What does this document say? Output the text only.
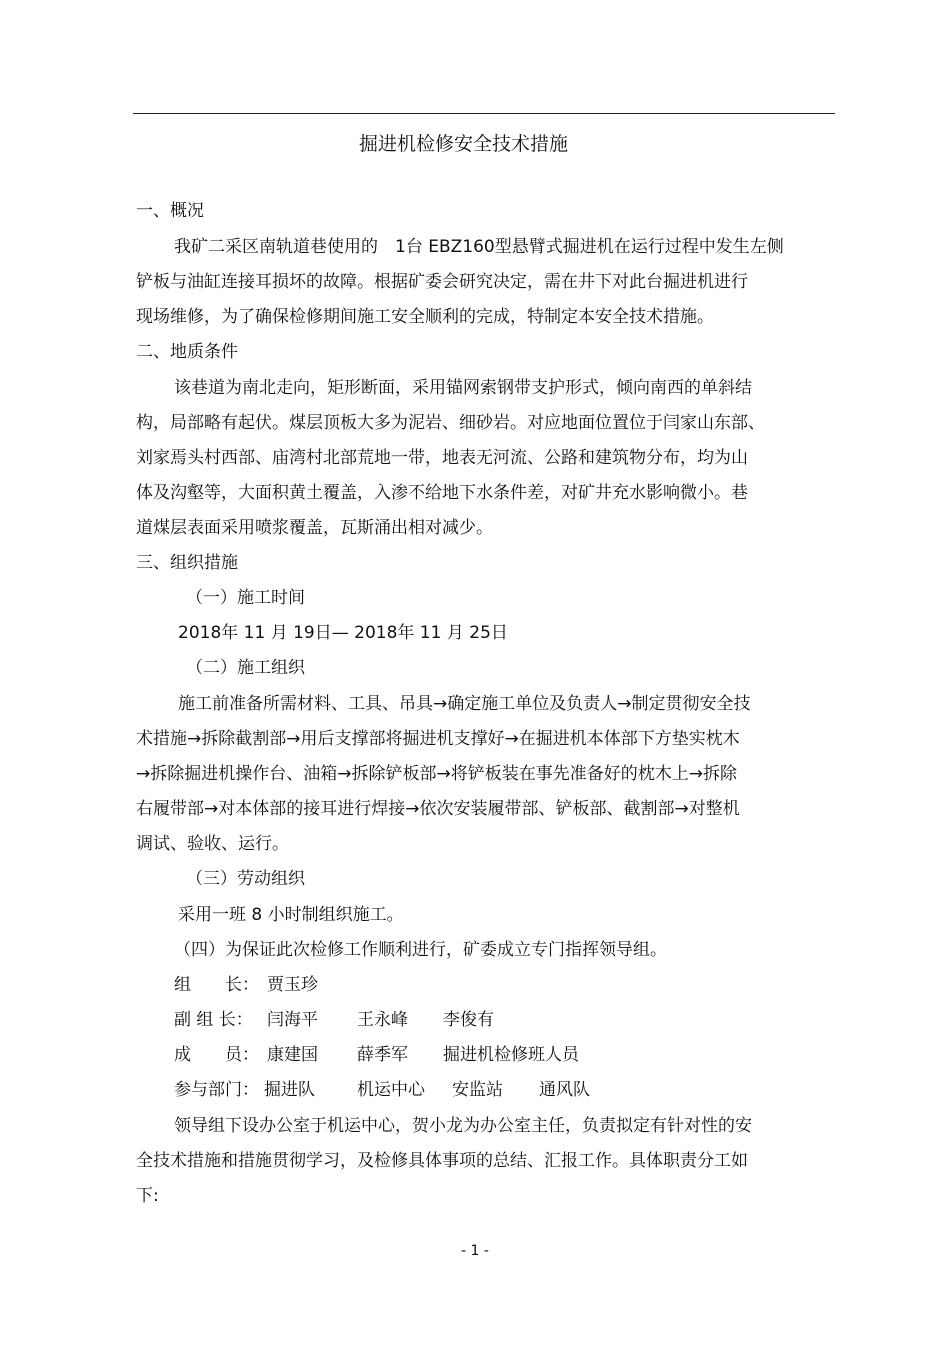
掘进机检修安全技术措施
一、概况
我矿二采区南轨道巷使用的　1台 EBZ160型悬臂式掘进机在运行过程中发生左侧
铲板与油缸连接耳损坏的故障。根据矿委会研究决定，需在井下对此台掘进机进行
现场维修，为了确保检修期间施工安全顺利的完成，特制定本安全技术措施。
二、地质条件
该巷道为南北走向，矩形断面，采用锚网索钢带支护形式，倾向南西的单斜结
构，局部略有起伏。煤层顶板大多为泥岩、细砂岩。对应地面位置位于闫家山东部、
刘家焉头村西部、庙湾村北部荒地一带，地表无河流、公路和建筑物分布，均为山
体及沟壑等，大面积黄土覆盖，入渗不给地下水条件差，对矿井充水影响微小。巷
道煤层表面采用喷浆覆盖，瓦斯涌出相对减少。
三、组织措施
（一）施工时间
2018年 11 月 19日— 2018年 11 月 25日
（二）施工组织
施工前准备所需材料、工具、吊具→确定施工单位及负责人→制定贯彻安全技
术措施→拆除截割部→用后支撑部将掘进机支撑好→在掘进机本体部下方垫实枕木
→拆除掘进机操作台、油箱→拆除铲板部→将铲板装在事先准备好的枕木上→拆除
右履带部→对本体部的接耳进行焊接→依次安装履带部、铲板部、截割部→对整机
调试、验收、运行。
（三）劳动组织
采用一班 8 小时制组织施工。
（四）为保证此次检修工作顺利进行，矿委成立专门指挥领导组。
组　　长： 贾玉珍
副 组 长： 闫海平 王永峰 李俊有
成　　员： 康建国 薛季军 掘进机检修班人员
参与部门： 掘进队 机运中心 安监站 通风队
领导组下设办公室于机运中心，贺小龙为办公室主任，负责拟定有针对性的安
全技术措施和措施贯彻学习，及检修具体事项的总结、汇报工作。具体职责分工如
下:
- 1 -
